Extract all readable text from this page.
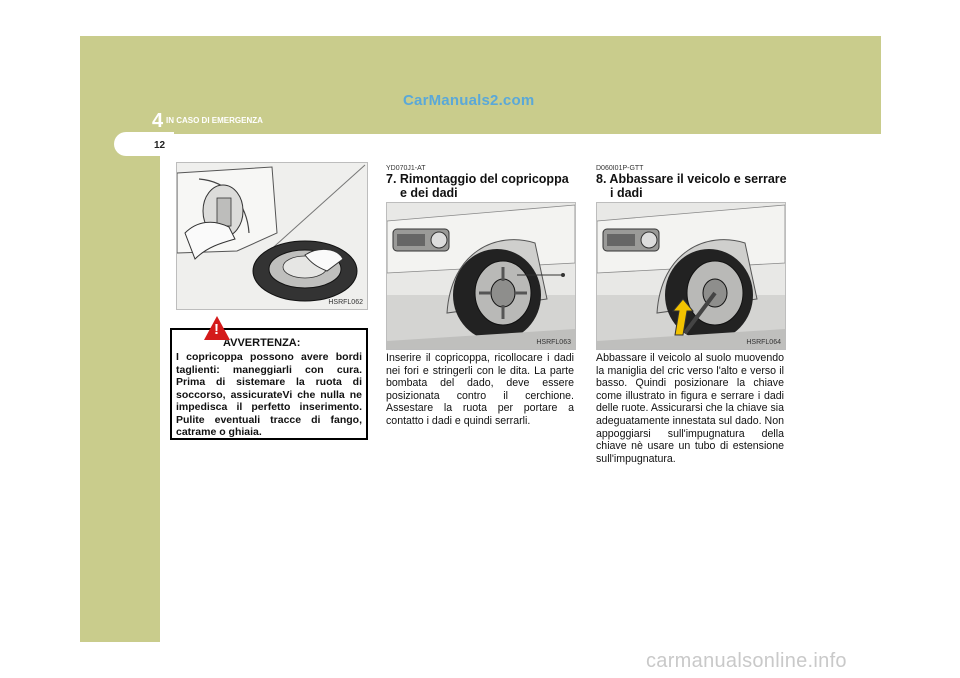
4 IN CASO DI EMERGENZA
12
CarManuals2.com
carmanualsonline.info
HSRFL062
!
AVVERTENZA:
I copricoppa possono avere bordi taglienti: maneggiarli con cura. Prima di sistemare la ruota di soccorso, assicurateVi che nulla ne impedisca il perfetto inserimento. Pulite eventuali tracce di fango, catrame o ghiaia.
YD070J1-AT
7. Rimontaggio del copricoppa
e dei dadi
HSRFL063
Inserire il copricoppa, ricollocare i dadi nei fori e stringerli con le dita. La parte bombata del dado, deve essere posizionata contro il cerchione. Assestare la ruota per portare a contatto i dadi e quindi serrarli.
D060I01P-GTT
8. Abbassare il veicolo e serrare
i dadi
HSRFL064
Abbassare il veicolo al suolo muovendo la maniglia del cric verso l'alto e verso il basso. Quindi posizionare la chiave come illustrato in figura e serrare i dadi delle ruote. Assicurarsi che la chiave sia adeguatamente innestata sul dado. Non appoggiarsi sull'impugnatura della chiave nè usare un tubo di estensione sull'impugnatura.
